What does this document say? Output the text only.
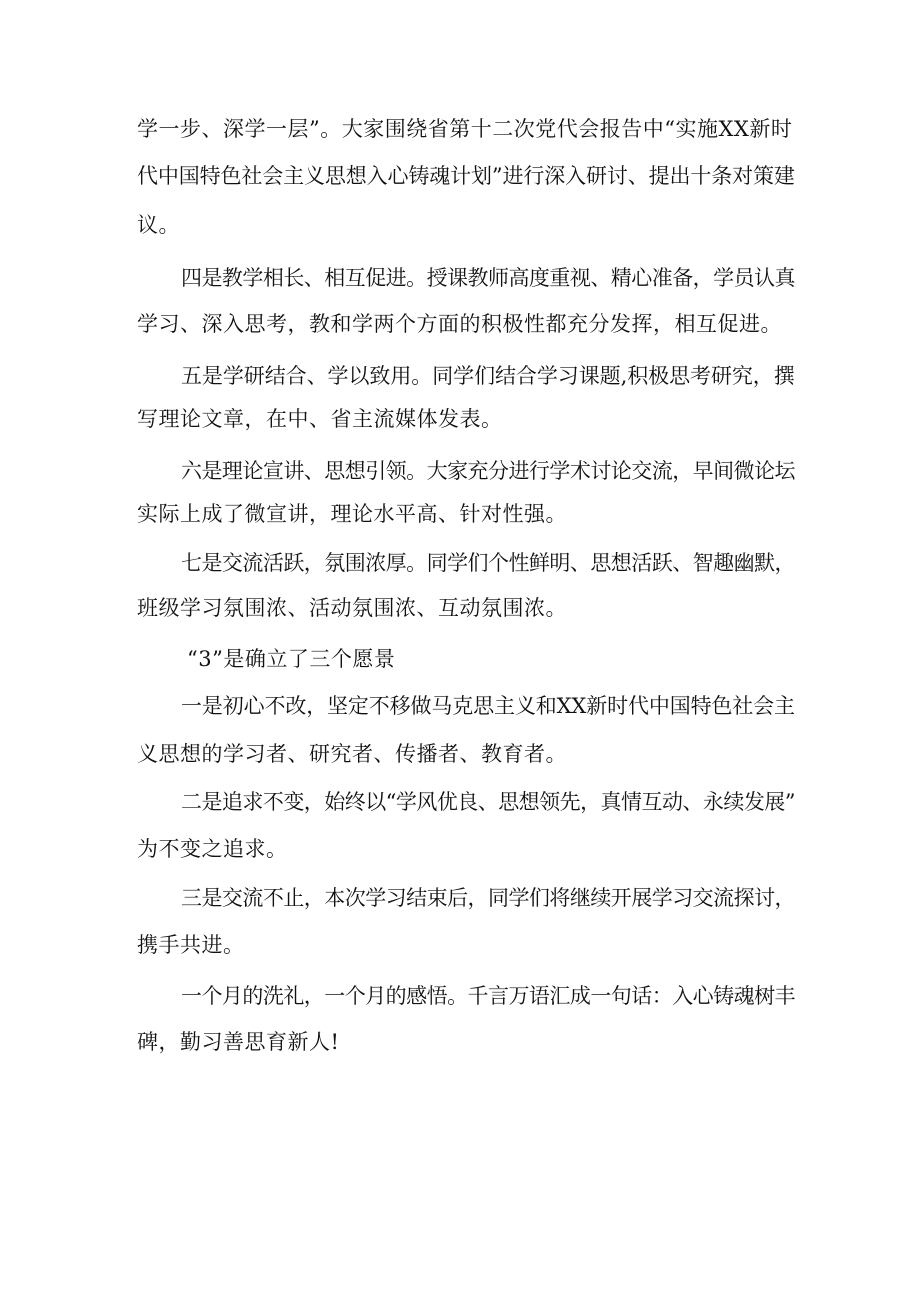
学一步、深学一层”。大家围绕省第十二次党代会报告中“实施XX新时
代中国特色社会主义思想入心铸魂计划”进行深入研讨、提出十条对策建
议。
四是教学相长、相互促进。授课教师高度重视、精心准备，学员认真
学习、深入思考，教和学两个方面的积极性都充分发挥，相互促进。
五是学研结合、学以致用。同学们结合学习课题,积极思考研究，撰
写理论文章，在中、省主流媒体发表。
六是理论宣讲、思想引领。大家充分进行学术讨论交流，早间微论坛
实际上成了微宣讲，理论水平高、针对性强。
七是交流活跃，氛围浓厚。同学们个性鲜明、思想活跃、智趣幽默，
班级学习氛围浓、活动氛围浓、互动氛围浓。
“3”是确立了三个愿景
一是初心不改，坚定不移做马克思主义和XX新时代中国特色社会主
义思想的学习者、研究者、传播者、教育者。
二是追求不变，始终以“学风优良、思想领先，真情互动、永续发展”
为不变之追求。
三是交流不止，本次学习结束后，同学们将继续开展学习交流探讨，
携手共进。
一个月的洗礼，一个月的感悟。千言万语汇成一句话：入心铸魂树丰
碑，勤习善思育新人!
